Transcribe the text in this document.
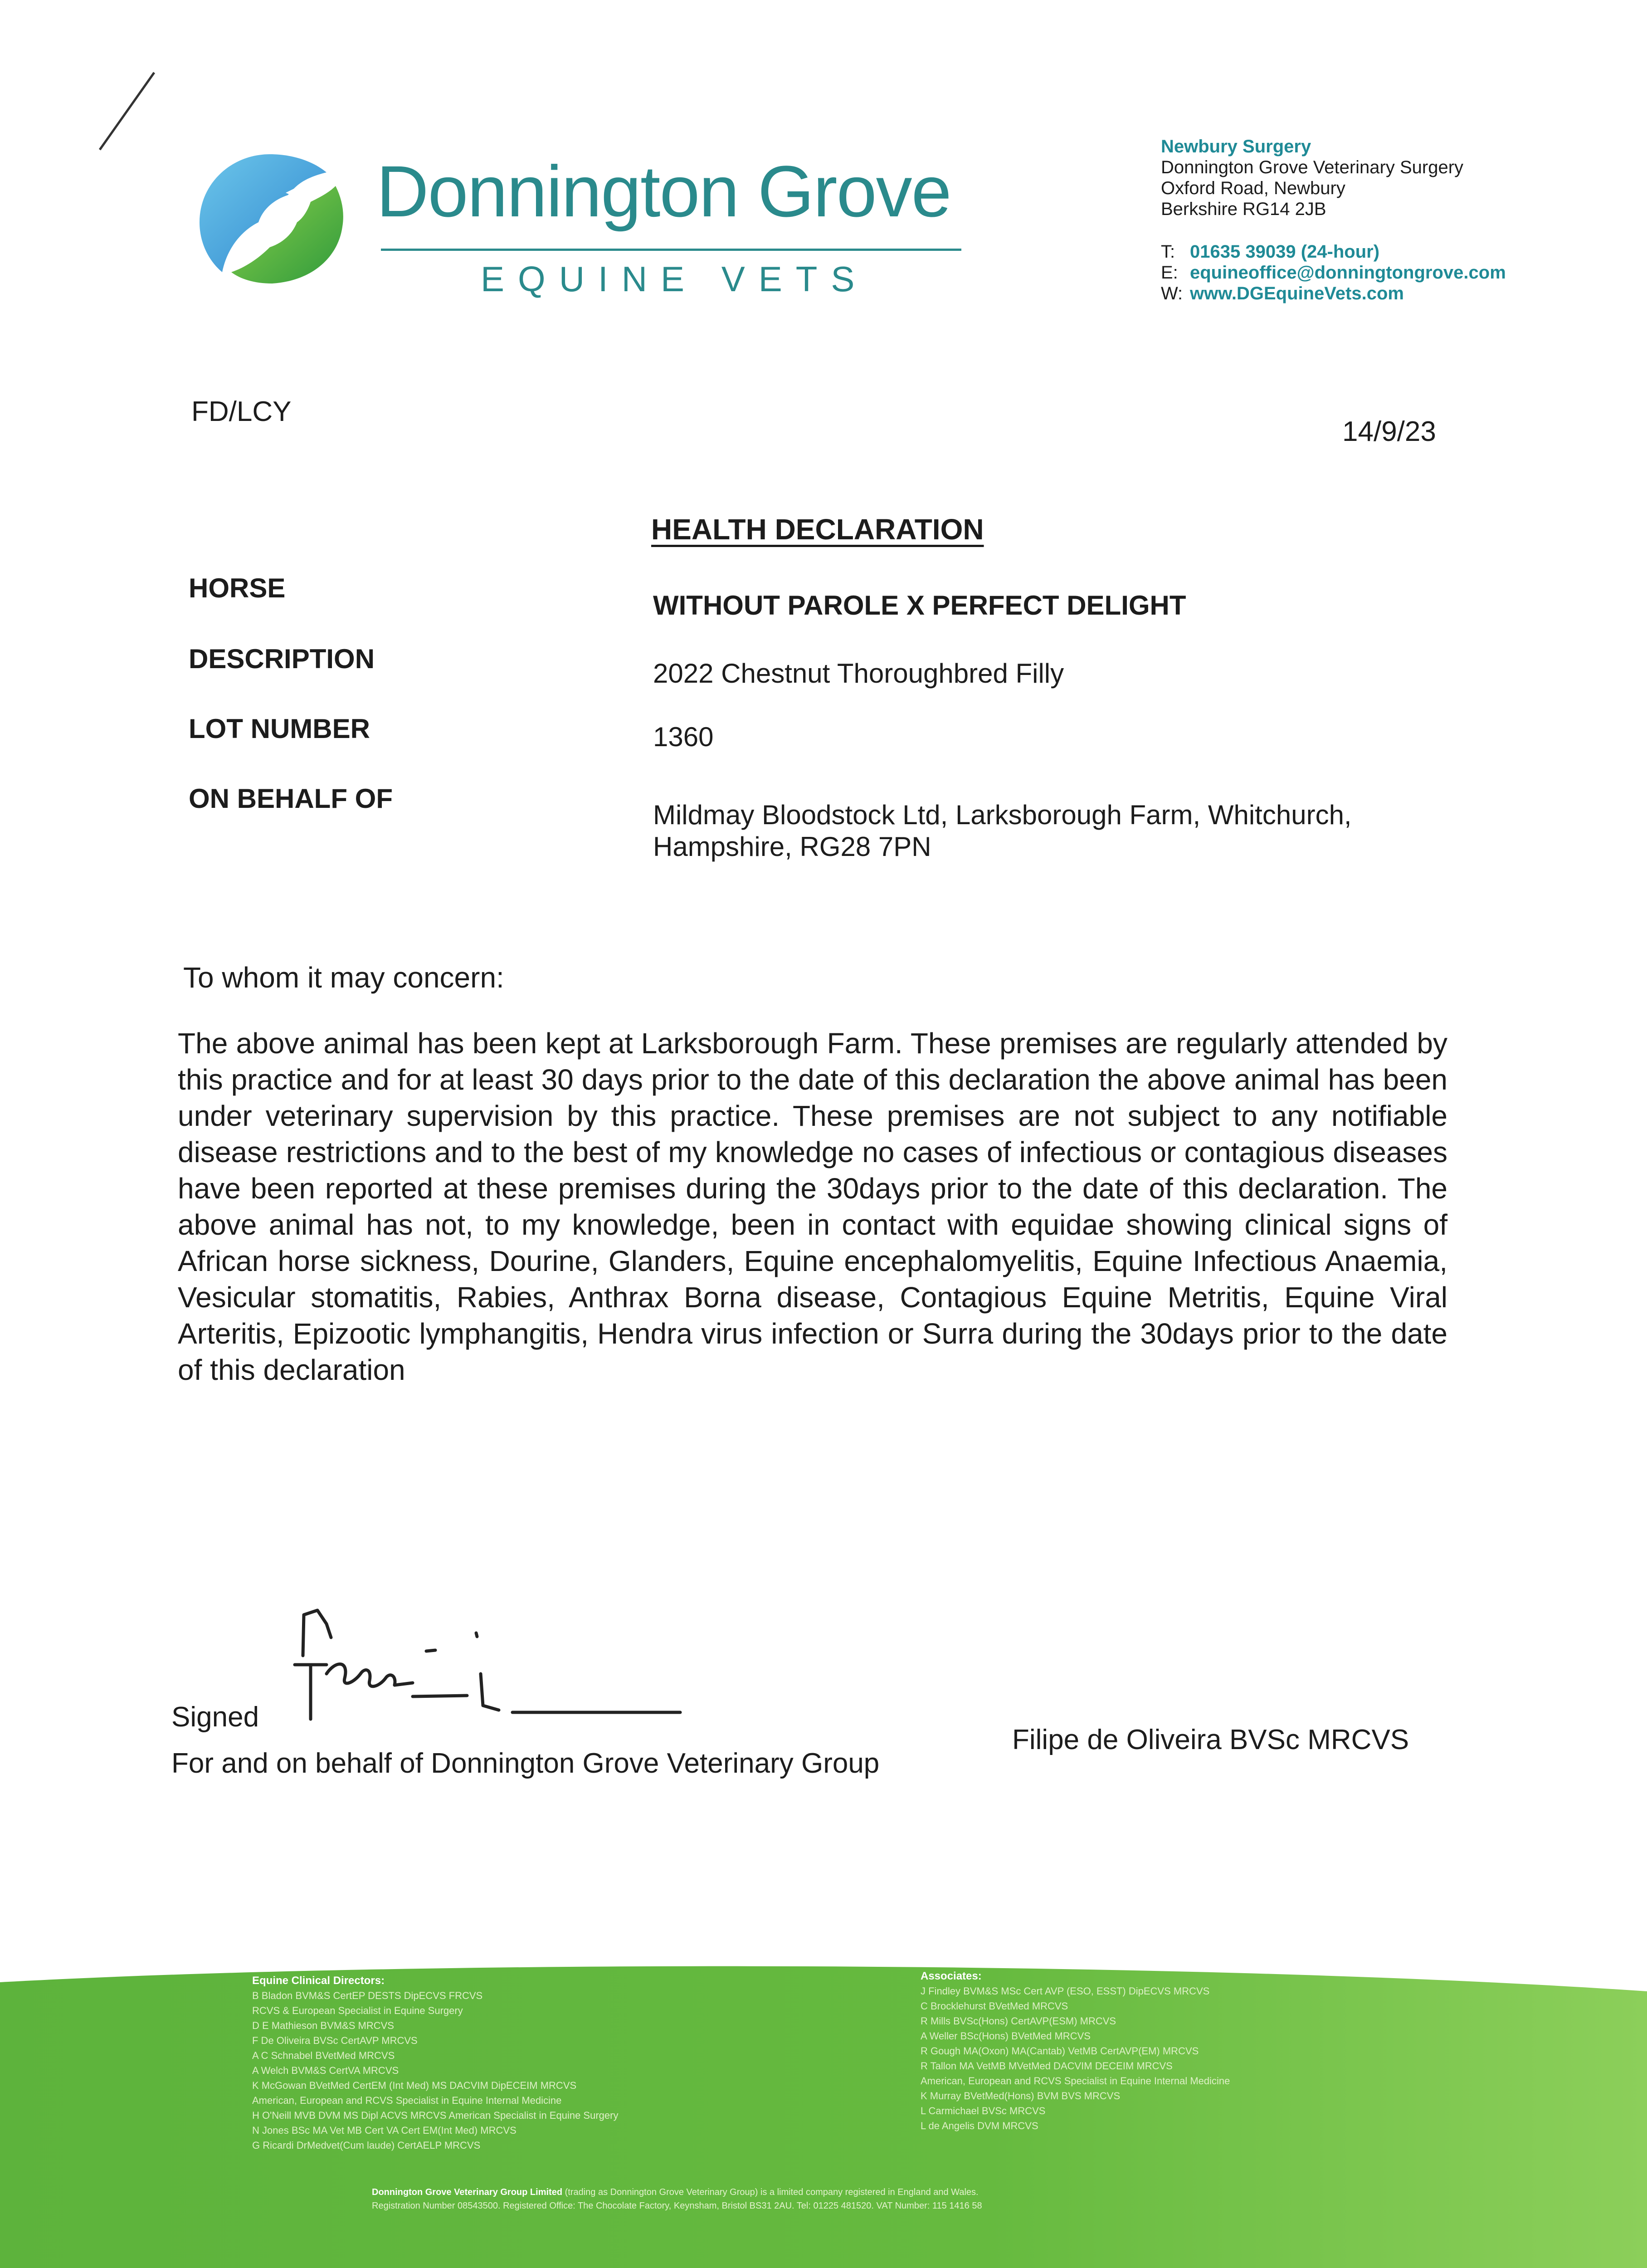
Donnington Grove
EQUINE VETS
Newbury Surgery
Donnington Grove Veterinary Surgery
Oxford Road, Newbury
Berkshire RG14 2JB
T: 01635 39039 (24-hour)
E: equineoffice@donningtongrove.com
W: www.DGEquineVets.com
FD/LCY
14/9/23
HEALTH DECLARATION
HORSE
WITHOUT PAROLE X PERFECT DELIGHT
DESCRIPTION	2022 Chestnut Thoroughbred Filly
LOT NUMBER	1360
ON BEHALF OF
Mildmay Bloodstock Ltd, Larksborough Farm, Whitchurch,
Hampshire, RG28 7PN
To whom it may concern:
The above animal has been kept at Larksborough Farm. These premises are regularly attended by this practice and for at least 30 days prior to the date of this declaration the above animal has been under veterinary supervision by this practice. These premises are not subject to any notifiable disease restrictions and to the best of my knowledge no cases of infectious or contagious diseases have been reported at these premises during the 30days prior to the date of this declaration. The above animal has not, to my knowledge, been in contact with equidae showing clinical signs of African horse sickness, Dourine, Glanders, Equine encephalomyelitis, Equine Infectious Anaemia, Vesicular stomatitis, Rabies, Anthrax Borna disease, Contagious Equine Metritis, Equine Viral Arteritis, Epizootic lymphangitis, Hendra virus infection or Surra during the 30days prior to the date of this declaration
Signed
For and on behalf of Donnington Grove Veterinary Group
Filipe de Oliveira BVSc MRCVS
Equine Clinical Directors:
B Bladon BVM&S CertEP DESTS DipECVS FRCVS
RCVS & European Specialist in Equine Surgery
D E Mathieson BVM&S MRCVS
F De Oliveira BVSc CertAVP MRCVS
A C Schnabel BVetMed MRCVS
A Welch BVM&S CertVA MRCVS
K McGowan BVetMed CertEM (Int Med) MS DACVIM DipECEIM MRCVS
American, European and RCVS Specialist in Equine Internal Medicine
H O'Neill MVB DVM MS Dipl ACVS MRCVS American Specialist in Equine Surgery
N Jones BSc MA Vet MB Cert VA Cert EM(Int Med) MRCVS
G Ricardi DrMedvet(Cum laude) CertAELP MRCVS
Associates:
J Findley BVM&S MSc Cert AVP (ESO, ESST) DipECVS MRCVS
C Brocklehurst BVetMed MRCVS
R Mills BVSc(Hons) CertAVP(ESM) MRCVS
A Weller BSc(Hons) BVetMed MRCVS
R Gough MA(Oxon) MA(Cantab) VetMB CertAVP(EM) MRCVS
R Tallon MA VetMB MVetMed DACVIM DECEIM MRCVS
American, European and RCVS Specialist in Equine Internal Medicine
K Murray BVetMed(Hons) BVM BVS MRCVS
L Carmichael BVSc MRCVS
L de Angelis DVM MRCVS
Donnington Grove Veterinary Group Limited (trading as Donnington Grove Veterinary Group) is a limited company registered in England and Wales.
Registration Number 08543500. Registered Office: The Chocolate Factory, Keynsham, Bristol BS31 2AU. Tel: 01225 481520. VAT Number: 115 1416 58
